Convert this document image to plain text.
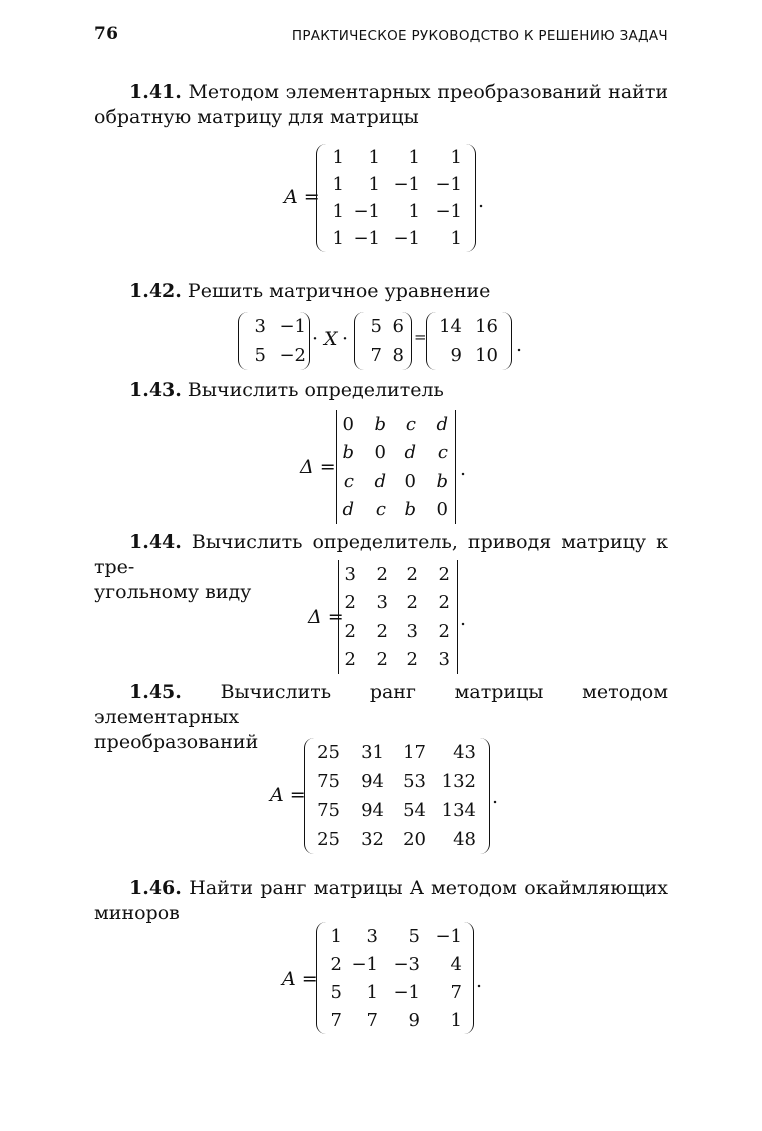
76	ПРАКТИЧЕСКОЕ РУКОВОДСТВО К РЕШЕНИЮ ЗАДАЧ
1.41. Методом элементарных преобразований найти
обратную матрицу для матрицы
A =
1 1 1 1
1 1 −1 −1
1 −1 1 −1
1 −1 −1 1
.
1.42. Решить матричное уравнение
3 −1
5 −2
· X ·
5 6
7 8
= 14 16
9 10 .
1.43. Вычислить определитель
Δ =
0 b c d
b 0 d c
c d 0 b
d c b 0
.
1.44. Вычислить определитель, приводя матрицу к тре-
угольному виду
Δ =
3 2 2 2
2 3 2 2
2 2 3 2
2 2 2 3
.
1.45. Вычислить ранг матрицы методом элементарных
преобразований
A =
25 31 17 43
75 94 53 132
75 94 54 134
25 32 20 48
.
1.46. Найти ранг матрицы A методом окаймляющих
миноров
A =
1 3 5 −1
2 −1 −3 4
5 1 −1 7
7 7 9 1
.
